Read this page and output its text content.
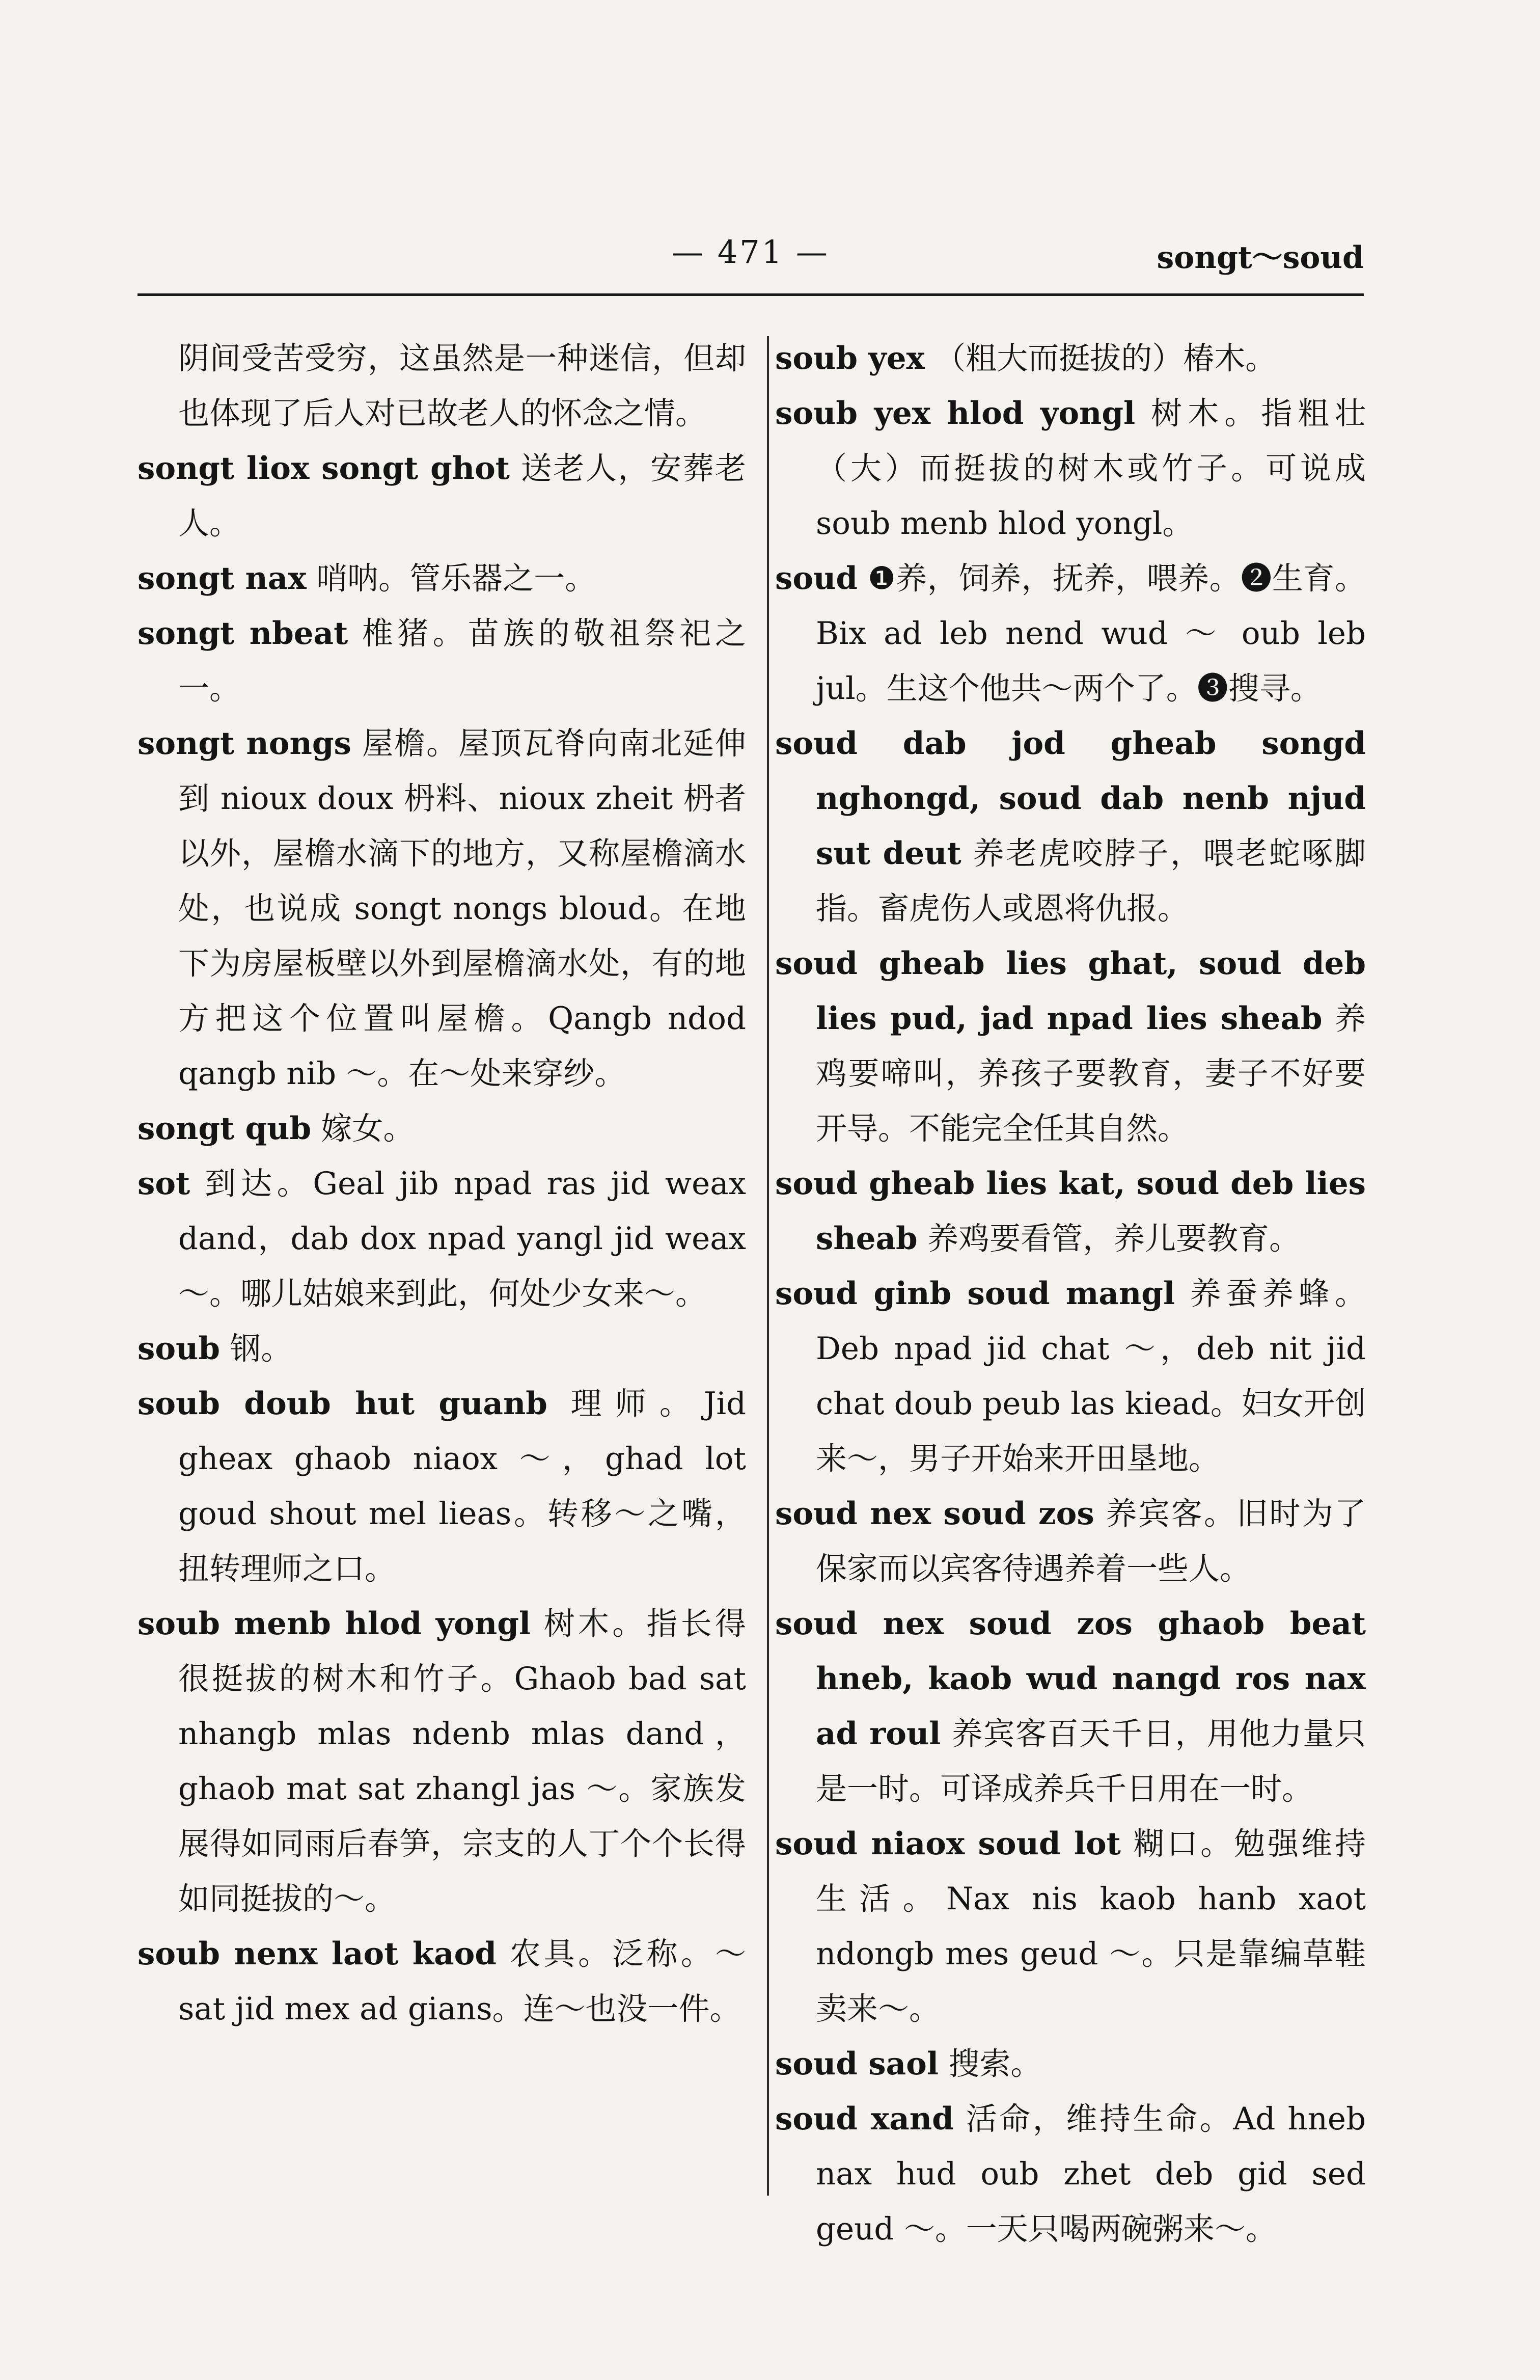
— 471 —	songt～soud

阴间受苦受穷，这虽然是一种迷信，但却也体现了后人对已故老人的怀念之情。

songt liox songt ghot 送老人，安葬老人。

songt nax 哨呐。管乐器之一。

songt nbeat 椎猪。苗族的敬祖祭祀之一。

songt nongs 屋檐。屋顶瓦脊向南北延伸到 nioux doux 枬料、nioux zheit 枬者以外，屋檐水滴下的地方，又称屋檐滴水处，也说成 songt nongs bloud。在地下为房屋板壁以外到屋檐滴水处，有的地方把这个位置叫屋檐。Qangb ndod qangb nib ～。在～处来穿纱。

songt qub 嫁女。

sot 到达。Geal jib npad ras jid weax dand，dab dox npad yangl jid weax ～。哪儿姑娘来到此，何处少女来～。

soub 钢。

soub doub hut guanb 理师。Jid gheax ghaob niaox ～，ghad lot goud shout mel lieas。转移～之嘴，扭转理师之口。

soub menb hlod yongl 树木。指长得很挺拔的树木和竹子。Ghaob bad sat nhangb mlas ndenb mlas dand，ghaob mat sat zhangl jas ～。家族发展得如同雨后春笋，宗支的人丁个个长得如同挺拔的～。

soub nenx laot kaod 农具。泛称。～ sat jid mex ad gians。连～也没一件。

soub yex （粗大而挺拔的）椿木。

soub yex hlod yongl 树木。指粗壮（大）而挺拔的树木或竹子。可说成 soub menb hlod yongl。

soud ❶养，饲养，抚养，喂养。❷生育。Bix ad leb nend wud ～ oub leb jul。生这个他共～两个了。❸搜寻。

soud dab jod gheab songd nghongd, soud dab nenb njud sut deut 养老虎咬脖子，喂老蛇啄脚指。畜虎伤人或恩将仇报。

soud gheab lies ghat, soud deb lies pud, jad npad lies sheab 养鸡要啼叫，养孩子要教育，妻子不好要开导。不能完全任其自然。

soud gheab lies kat, soud deb lies sheab 养鸡要看管，养儿要教育。

soud ginb soud mangl 养蚕养蜂。Deb npad jid chat ～，deb nit jid chat doub peub las kiead。妇女开创来～，男子开始来开田垦地。

soud nex soud zos 养宾客。旧时为了保家而以宾客待遇养着一些人。

soud nex soud zos ghaob beat hneb, kaob wud nangd ros nax ad roul 养宾客百天千日，用他力量只是一时。可译成养兵千日用在一时。

soud niaox soud lot 糊口。勉强维持生活。Nax nis kaob hanb xaot ndongb mes geud ～。只是靠编草鞋卖来～。

soud saol 搜索。

soud xand 活命，维持生命。Ad hneb nax hud oub zhet deb gid sed geud ～。一天只喝两碗粥来～。
